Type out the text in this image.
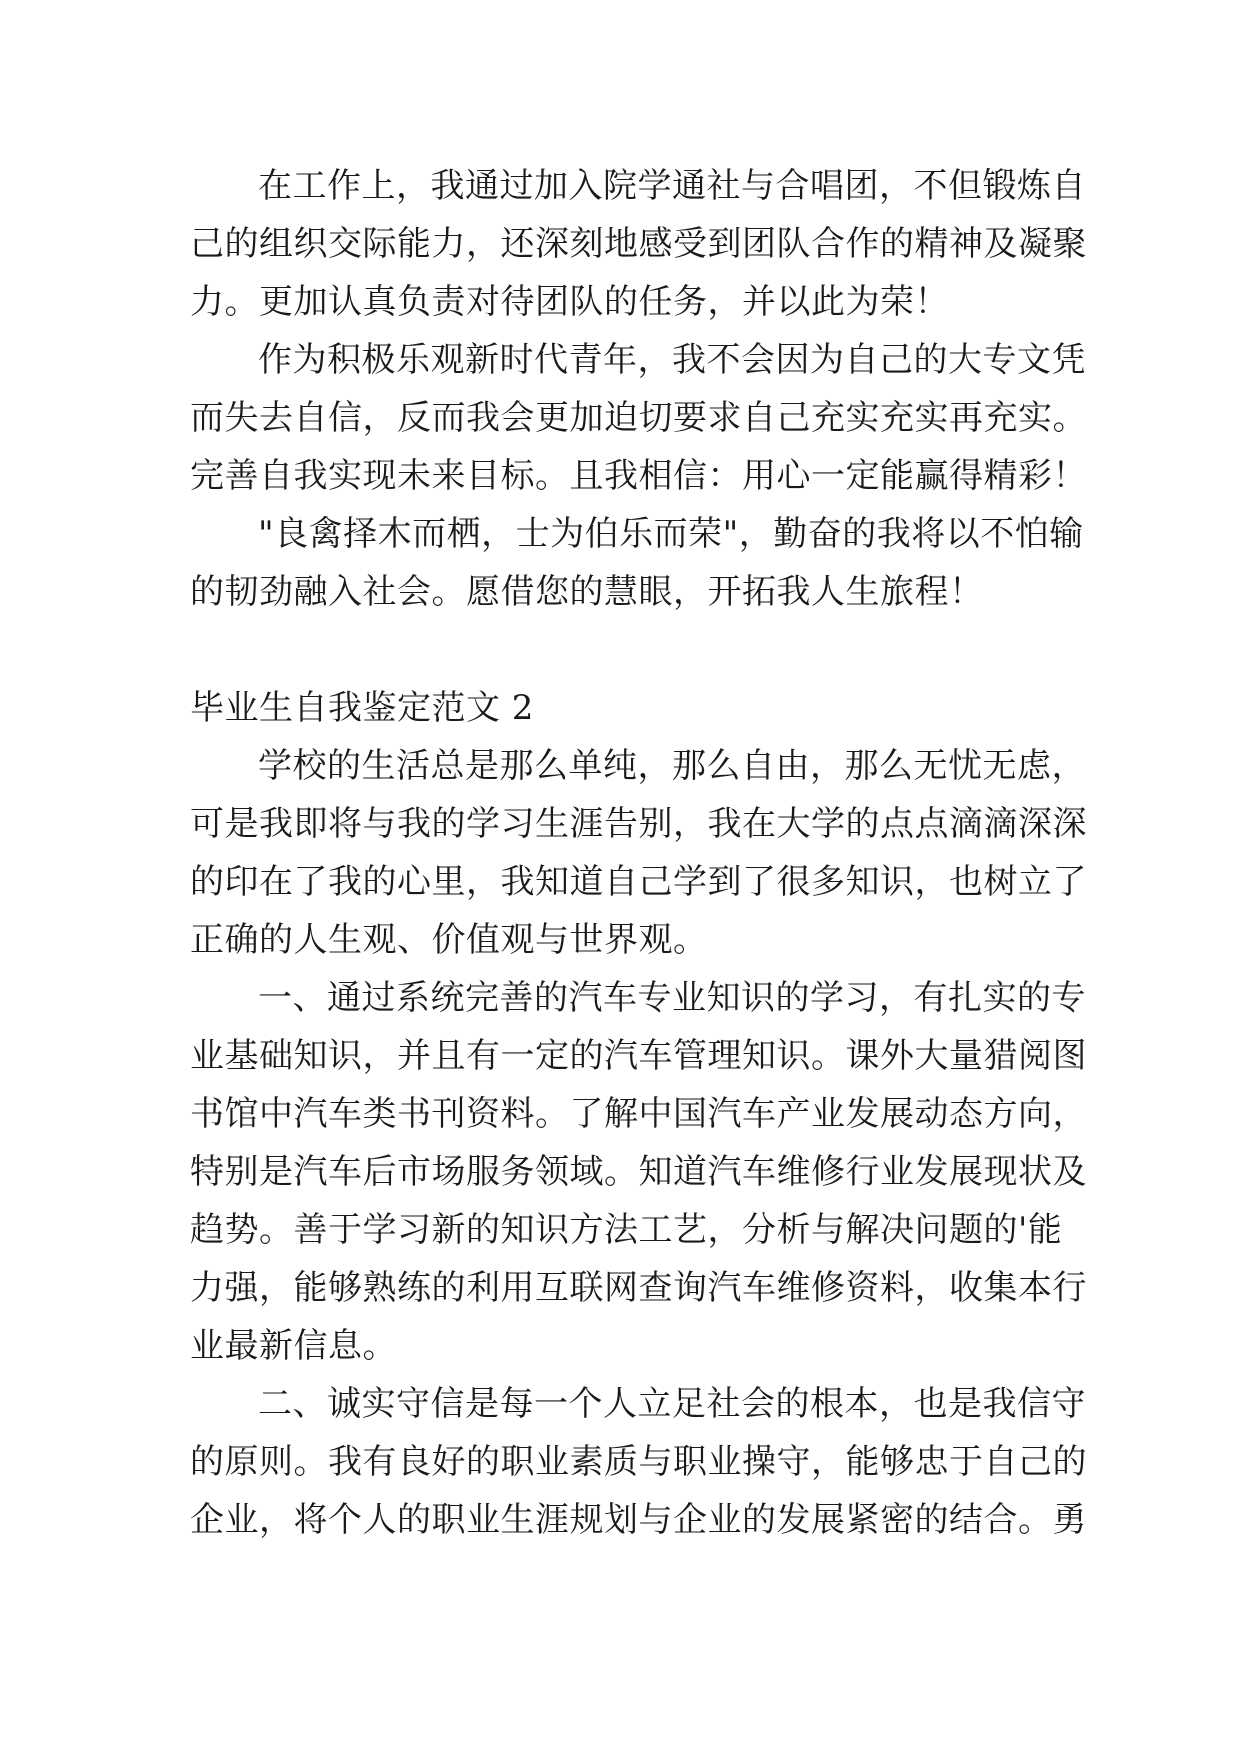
在工作上，我通过加入院学通社与合唱团，不但锻炼自
己的组织交际能力，还深刻地感受到团队合作的精神及凝聚
力。更加认真负责对待团队的任务，并以此为荣！
作为积极乐观新时代青年，我不会因为自己的大专文凭
而失去自信，反而我会更加迫切要求自己充实充实再充实。
完善自我实现未来目标。且我相信：用心一定能赢得精彩！
"良禽择木而栖，士为伯乐而荣"，勤奋的我将以不怕输
的韧劲融入社会。愿借您的慧眼，开拓我人生旅程！
毕业生自我鉴定范文 2
学校的生活总是那么单纯，那么自由，那么无忧无虑，
可是我即将与我的学习生涯告别，我在大学的点点滴滴深深
的印在了我的心里，我知道自己学到了很多知识，也树立了
正确的人生观、价值观与世界观。
一、通过系统完善的汽车专业知识的学习，有扎实的专
业基础知识，并且有一定的汽车管理知识。课外大量猎阅图
书馆中汽车类书刊资料。了解中国汽车产业发展动态方向，
特别是汽车后市场服务领域。知道汽车维修行业发展现状及
趋势。善于学习新的知识方法工艺，分析与解决问题的'能
力强，能够熟练的利用互联网查询汽车维修资料，收集本行
业最新信息。
二、诚实守信是每一个人立足社会的根本，也是我信守
的原则。我有良好的职业素质与职业操守，能够忠于自己的
企业，将个人的职业生涯规划与企业的发展紧密的结合。勇
